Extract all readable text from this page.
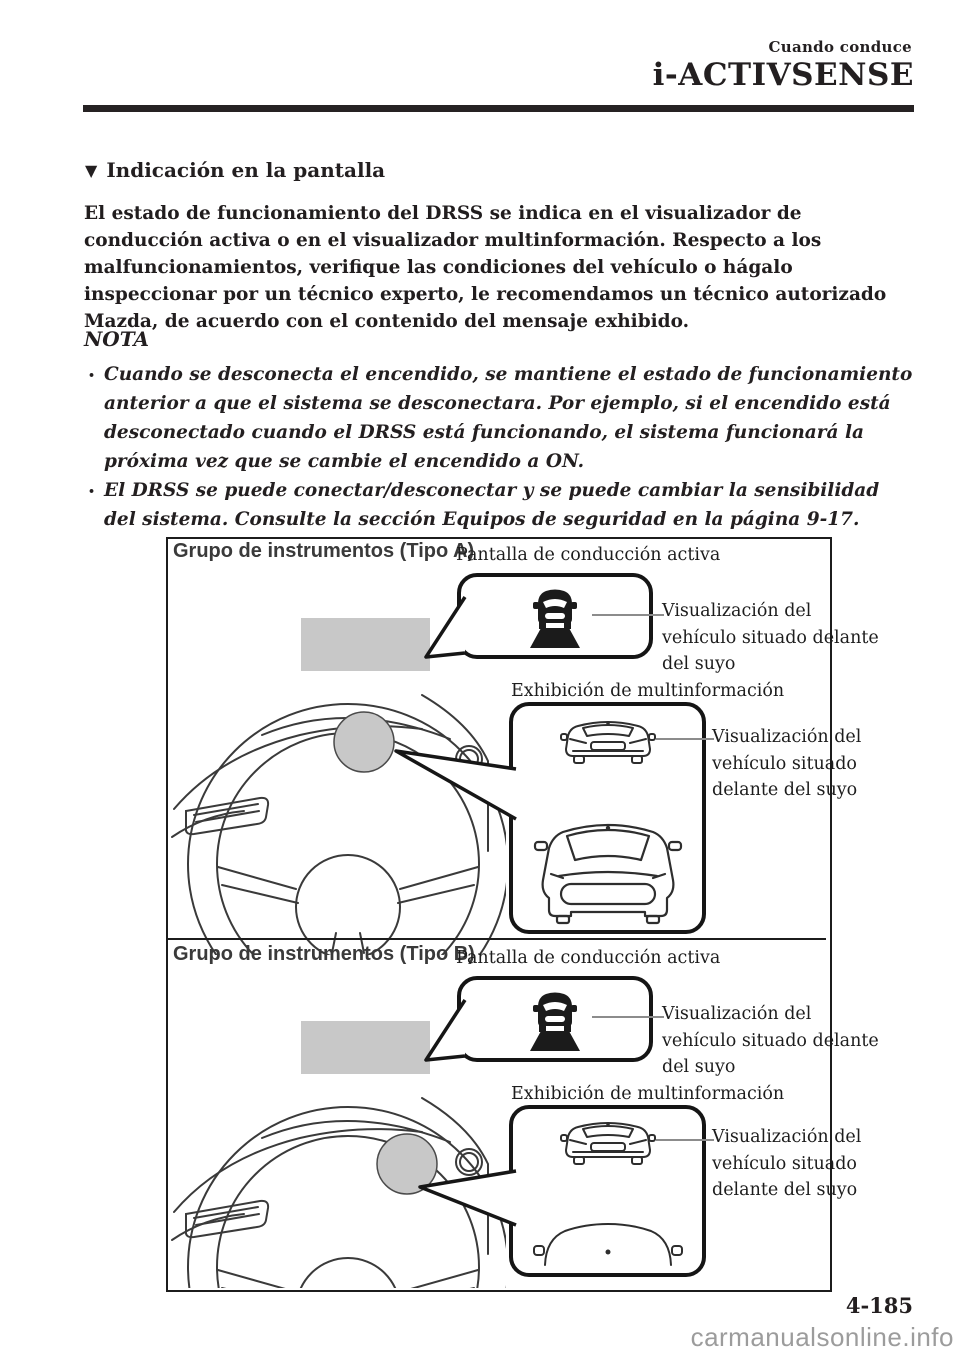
Cuando conduce
i-ACTIVSENSE
▼ Indicación en la pantalla
El estado de funcionamiento del DRSS se indica en el visualizador de conducción activa o en el visualizador multinformación. Respecto a los malfuncionamientos, verifique las condiciones del vehículo o hágalo inspeccionar por un técnico experto, le recomendamos un técnico autorizado Mazda, de acuerdo con el contenido del mensaje exhibido.
NOTA
• Cuando se desconecta el encendido, se mantiene el estado de funcionamiento anterior a que el sistema se desconectara. Por ejemplo, si el encendido está desconectado cuando el DRSS está funcionando, el sistema funcionará la próxima vez que se cambie el encendido a ON.
• El DRSS se puede conectar/desconectar y se puede cambiar la sensibilidad del sistema. Consulte la sección Equipos de seguridad en la página 9-17.
Grupo de instrumentos (Tipo A)
Pantalla de conducción activa
Exhibición de multinformación
Grupo de instrumentos (Tipo B)
Pantalla de conducción activa
Exhibición de multinformación
Visualización del vehículo situado delante del suyo
Visualización del vehículo situado delante del suyo
Visualización del vehículo situado delante del suyo
Visualización del vehículo situado delante del suyo
4-185
carmanualsonline.info
